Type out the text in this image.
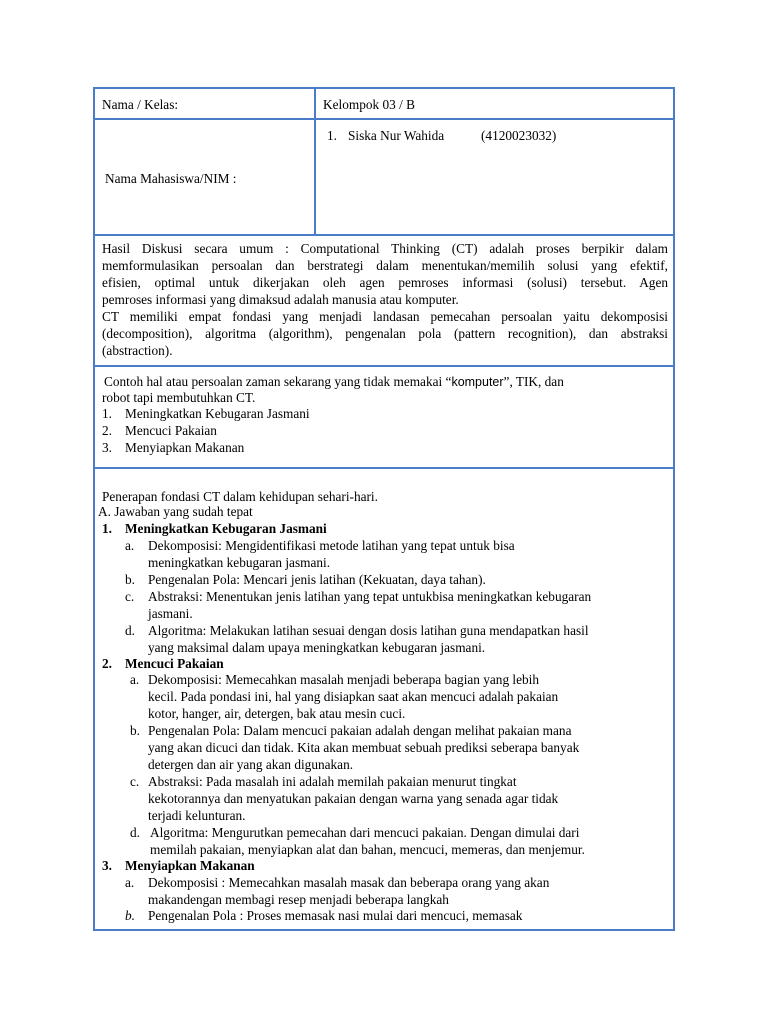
Nama / Kelas:	Kelompok 03 / B
Nama Mahasiswa/NIM :
1. Siska Nur Wahida	(4120023032)
Hasil Diskusi secara umum : Computational Thinking (CT) adalah proses berpikir dalam
memformulasikan persoalan dan berstrategi dalam menentukan/memilih solusi yang efektif,
efisien, optimal untuk dikerjakan oleh agen pemroses informasi (solusi) tersebut. Agen
pemroses informasi yang dimaksud adalah manusia atau komputer.
CT memiliki empat fondasi yang menjadi landasan pemecahan persoalan yaitu dekomposisi
(decomposition), algoritma (algorithm), pengenalan pola (pattern recognition), dan abstraksi
(abstraction).
Contoh hal atau persoalan zaman sekarang yang tidak memakai “komputer”, TIK, dan
robot tapi membutuhkan CT.
1. Meningkatkan Kebugaran Jasmani
2. Mencuci Pakaian
3. Menyiapkan Makanan
Penerapan fondasi CT dalam kehidupan sehari-hari.
A. Jawaban yang sudah tepat
1. Meningkatkan Kebugaran Jasmani
a. Dekomposisi: Mengidentifikasi metode latihan yang tepat untuk bisa
meningkatkan kebugaran jasmani.
b. Pengenalan Pola: Mencari jenis latihan (Kekuatan, daya tahan).
c. Abstraksi: Menentukan jenis latihan yang tepat untukbisa meningkatkan kebugaran
jasmani.
d. Algoritma: Melakukan latihan sesuai dengan dosis latihan guna mendapatkan hasil
yang maksimal dalam upaya meningkatkan kebugaran jasmani.
2. Mencuci Pakaian
a. Dekomposisi: Memecahkan masalah menjadi beberapa bagian yang lebih
kecil. Pada pondasi ini, hal yang disiapkan saat akan mencuci adalah pakaian
kotor, hanger, air, detergen, bak atau mesin cuci.
b. Pengenalan Pola: Dalam mencuci pakaian adalah dengan melihat pakaian mana
yang akan dicuci dan tidak. Kita akan membuat sebuah prediksi seberapa banyak
detergen dan air yang akan digunakan.
c. Abstraksi: Pada masalah ini adalah memilah pakaian menurut tingkat
kekotorannya dan menyatukan pakaian dengan warna yang senada agar tidak
terjadi kelunturan.
d. Algoritma: Mengurutkan pemecahan dari mencuci pakaian. Dengan dimulai dari
memilah pakaian, menyiapkan alat dan bahan, mencuci, memeras, dan menjemur.
3. Menyiapkan Makanan
a. Dekomposisi : Memecahkan masalah masak dan beberapa orang yang akan
makandengan membagi resep menjadi beberapa langkah
b. Pengenalan Pola : Proses memasak nasi mulai dari mencuci, memasak
